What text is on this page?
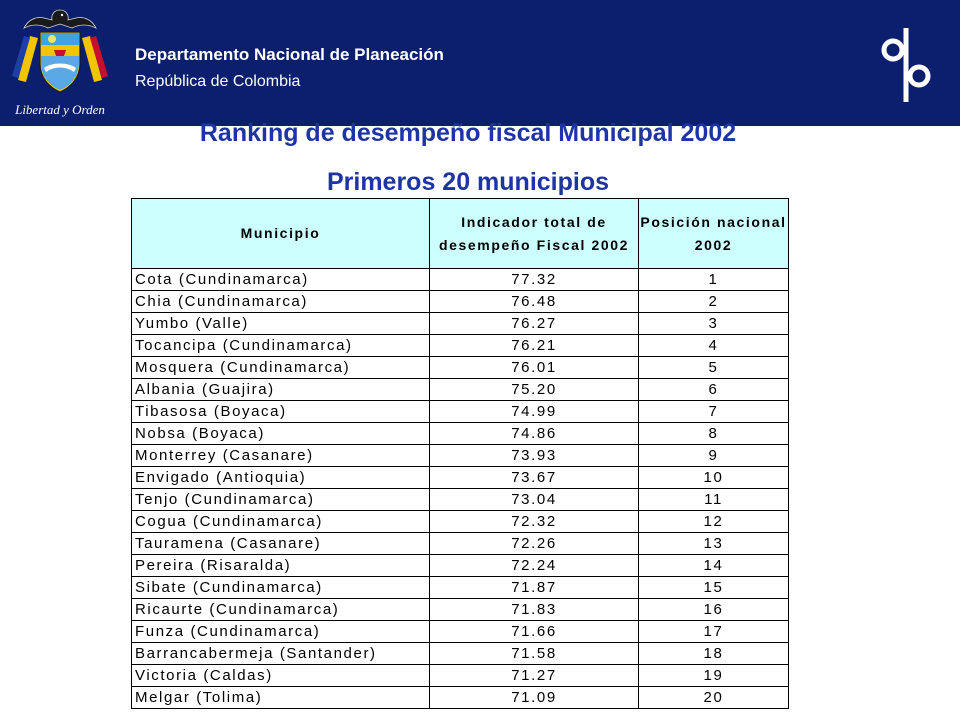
Libertad y Orden
Departamento Nacional de Planeación
República de Colombia
Ranking de desempeño fiscal Municipal 2002
Primeros 20 municipios
Municipio	Indicador total de desempeño Fiscal 2002	Posición nacional 2002
Cota (Cundinamarca)	77.32	1
Chia (Cundinamarca)	76.48	2
Yumbo (Valle)	76.27	3
Tocancipa (Cundinamarca)	76.21	4
Mosquera (Cundinamarca)	76.01	5
Albania (Guajira)	75.20	6
Tibasosa (Boyaca)	74.99	7
Nobsa (Boyaca)	74.86	8
Monterrey (Casanare)	73.93	9
Envigado (Antioquia)	73.67	10
Tenjo (Cundinamarca)	73.04	11
Cogua (Cundinamarca)	72.32	12
Tauramena (Casanare)	72.26	13
Pereira (Risaralda)	72.24	14
Sibate (Cundinamarca)	71.87	15
Ricaurte (Cundinamarca)	71.83	16
Funza (Cundinamarca)	71.66	17
Barrancabermeja (Santander)	71.58	18
Victoria (Caldas)	71.27	19
Melgar (Tolima)	71.09	20
